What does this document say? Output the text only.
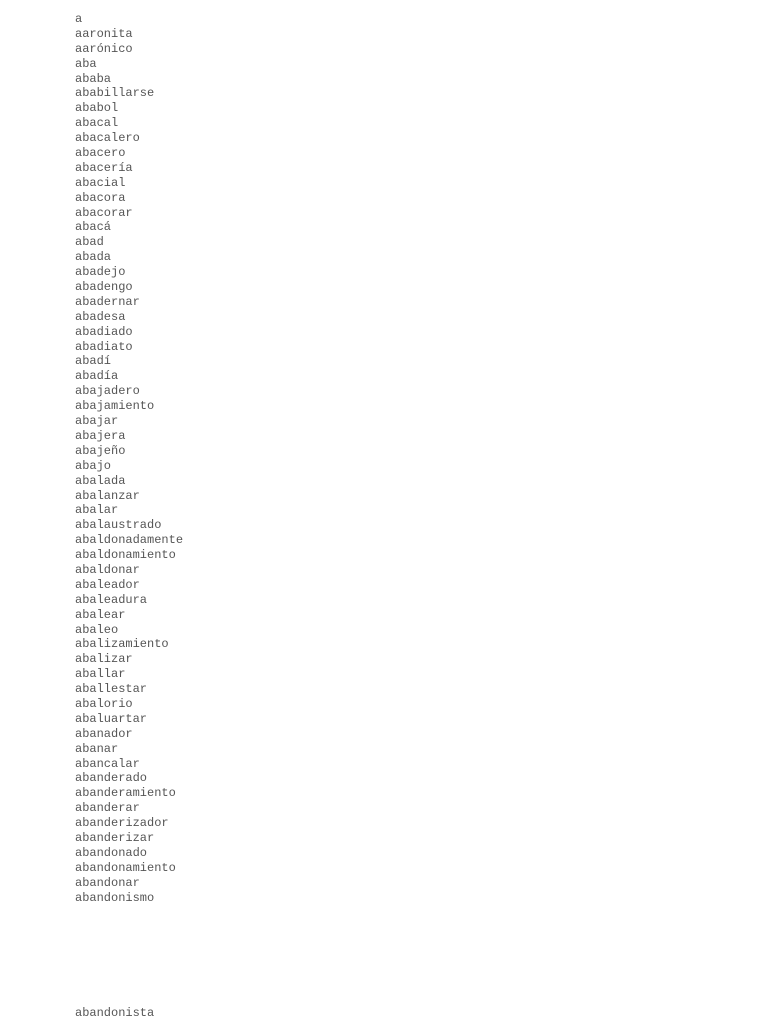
a
aaronita
aarónico
aba
ababa
ababillarse
ababol
abacal
abacalero
abacero
abacería
abacial
abacora
abacorar
abacá
abad
abada
abadejo
abadengo
abadernar
abadesa
abadiado
abadiato
abadí
abadía
abajadero
abajamiento
abajar
abajera
abajeño
abajo
abalada
abalanzar
abalar
abalaustrado
abaldonadamente
abaldonamiento
abaldonar
abaleador
abaleadura
abalear
abaleo
abalizamiento
abalizar
aballar
aballestar
abalorio
abaluartar
abanador
abanar
abancalar
abanderado
abanderamiento
abanderar
abanderizador
abanderizar
abandonado
abandonamiento
abandonar
abandonismo
abandonista
